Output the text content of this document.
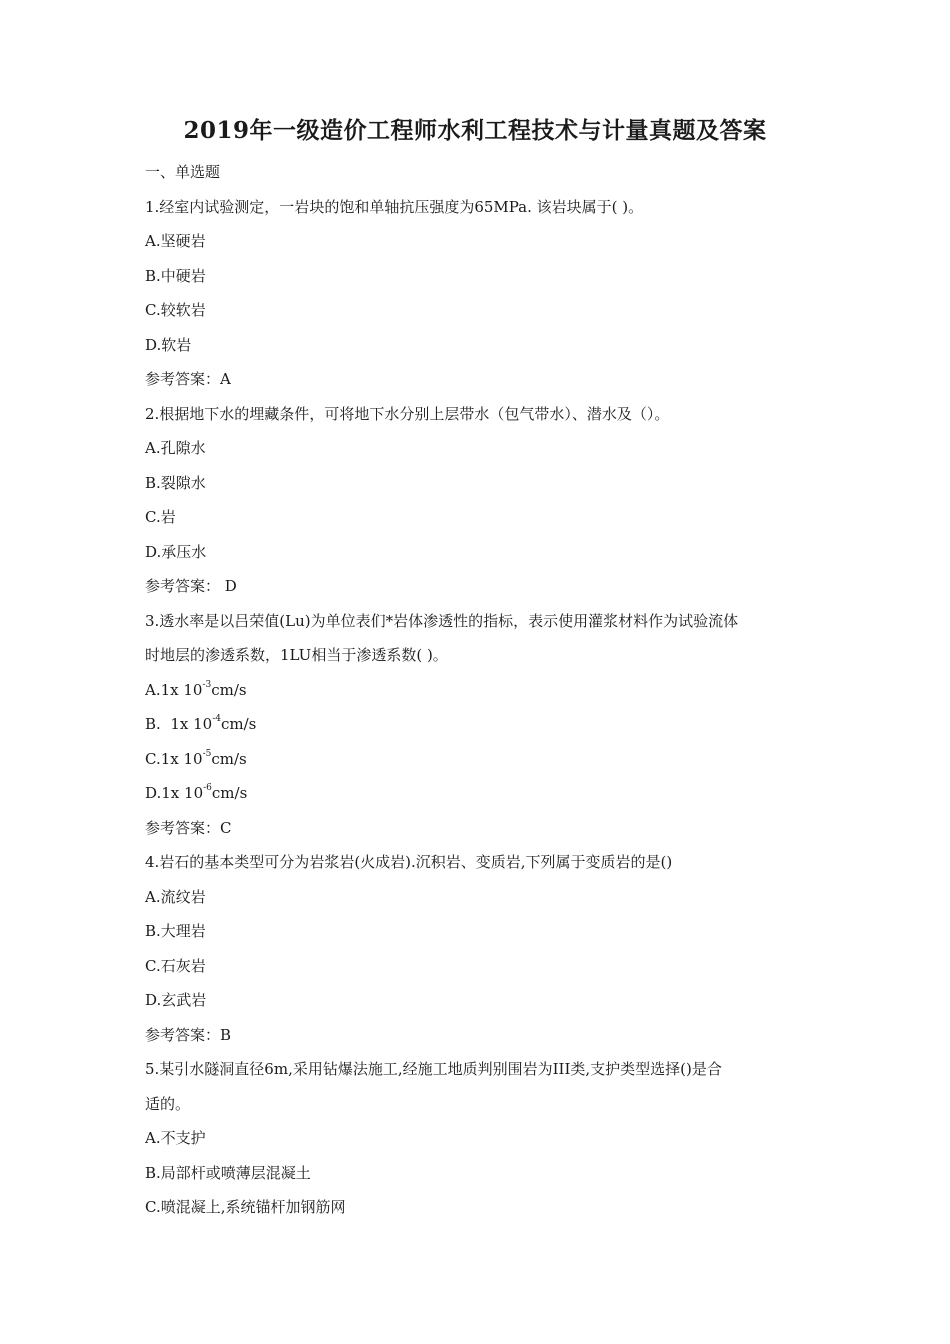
2019年一级造价工程师水利工程技术与计量真题及答案
一、单选题
1.经室内试验测定，一岩块的饱和单轴抗压强度为65MPa. 该岩块属于( )。
A.坚硬岩
B.中硬岩
C.较软岩
D.软岩
参考答案：A
2.根据地下水的埋藏条件，可将地下水分别上层带水（包气带水）、潜水及（）。
A.孔隙水
B.裂隙水
C.岩
D.承压水
参考答案： D
3.透水率是以吕荣值(Lu)为单位表们*岩体渗透性的指标，表示使用灌浆材料作为试验流体
时地层的渗透系数，1LU相当于渗透系数( )。
A.1x $10^{-3}cm/s$
B.  1x $10^{-4}cm/s$
C.1x $10^{-5}cm/s$
D.1x $10^{-6}cm/s$
参考答案：C
4.岩石的基本类型可分为岩浆岩(火成岩).沉积岩、变质岩,下列属于变质岩的是()
A.流纹岩
B.大理岩
C.石灰岩
D.玄武岩
参考答案：B
5.某引水隧洞直径6m,采用钻爆法施工,经施工地质判别围岩为III类,支护类型选择()是合
适的。
A.不支护
B.局部杆或喷薄层混凝土
C.喷混凝上,系统锚杆加钢筋网
